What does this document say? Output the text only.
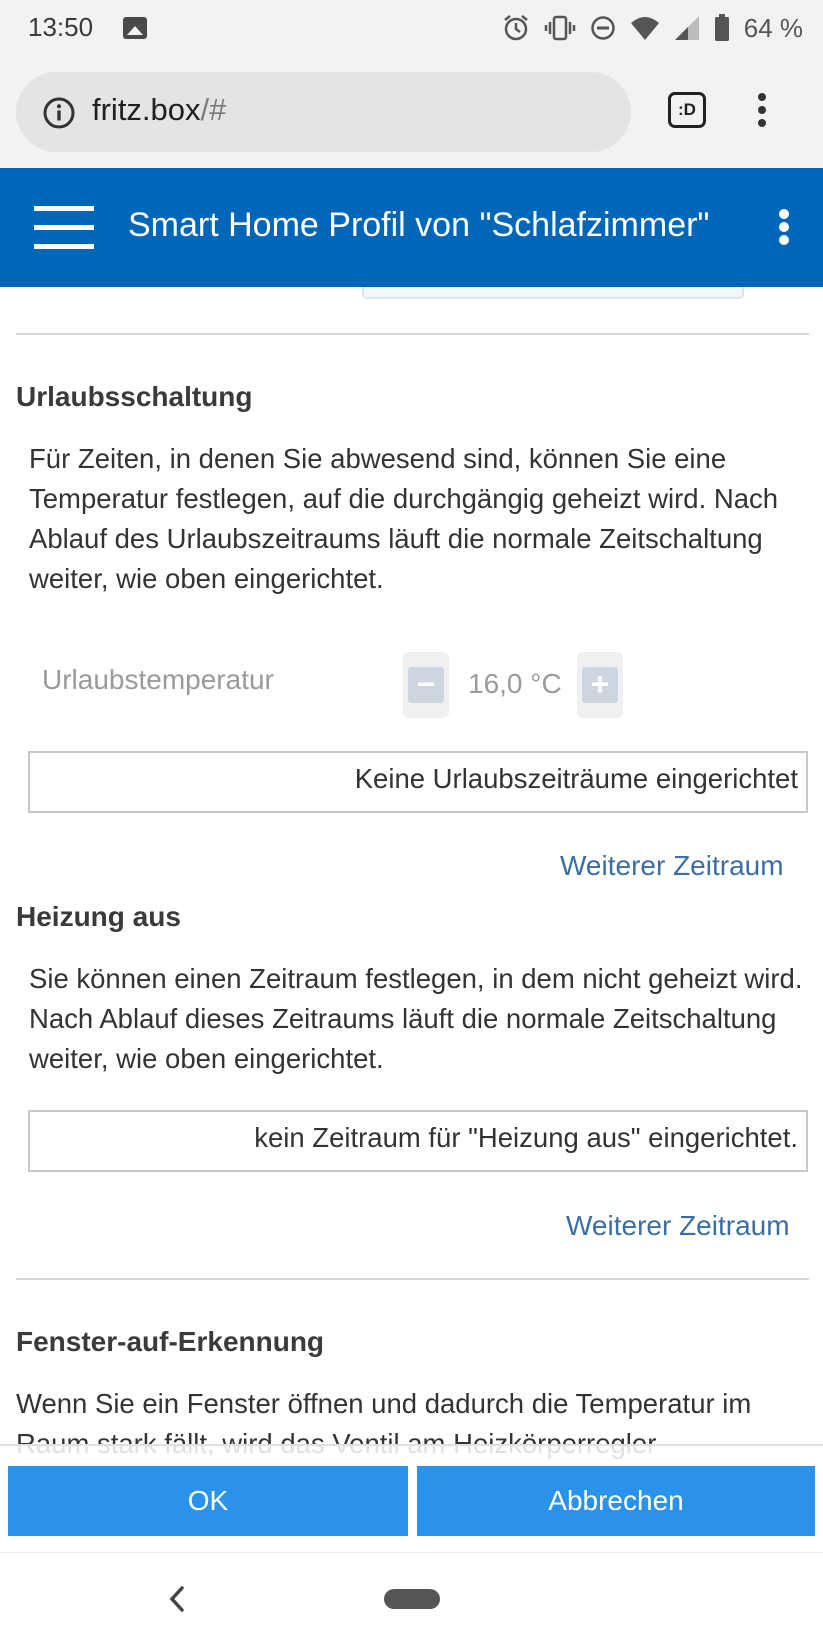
13:50	64 %
fritz.box/#	:D
Smart Home Profil von "Schlafzimmer"
Urlaubsschaltung

Für Zeiten, in denen Sie abwesend sind, können Sie eine Temperatur festlegen, auf die durchgängig geheizt wird. Nach Ablauf des Urlaubszeitraums läuft die normale Zeitschaltung weiter, wie oben eingerichtet.

Urlaubstemperatur	−	16,0 °C +
Keine Urlaubszeiträume eingerichtet
Weiterer Zeitraum
Heizung aus

Sie können einen Zeitraum festlegen, in dem nicht geheizt wird. Nach Ablauf dieses Zeitraums läuft die normale Zeitschaltung weiter, wie oben eingerichtet.

kein Zeitraum für "Heizung aus" eingerichtet.
Weiterer Zeitraum
Fenster-auf-Erkennung

Wenn Sie ein Fenster öffnen und dadurch die Temperatur im

OK	Abbrechen
